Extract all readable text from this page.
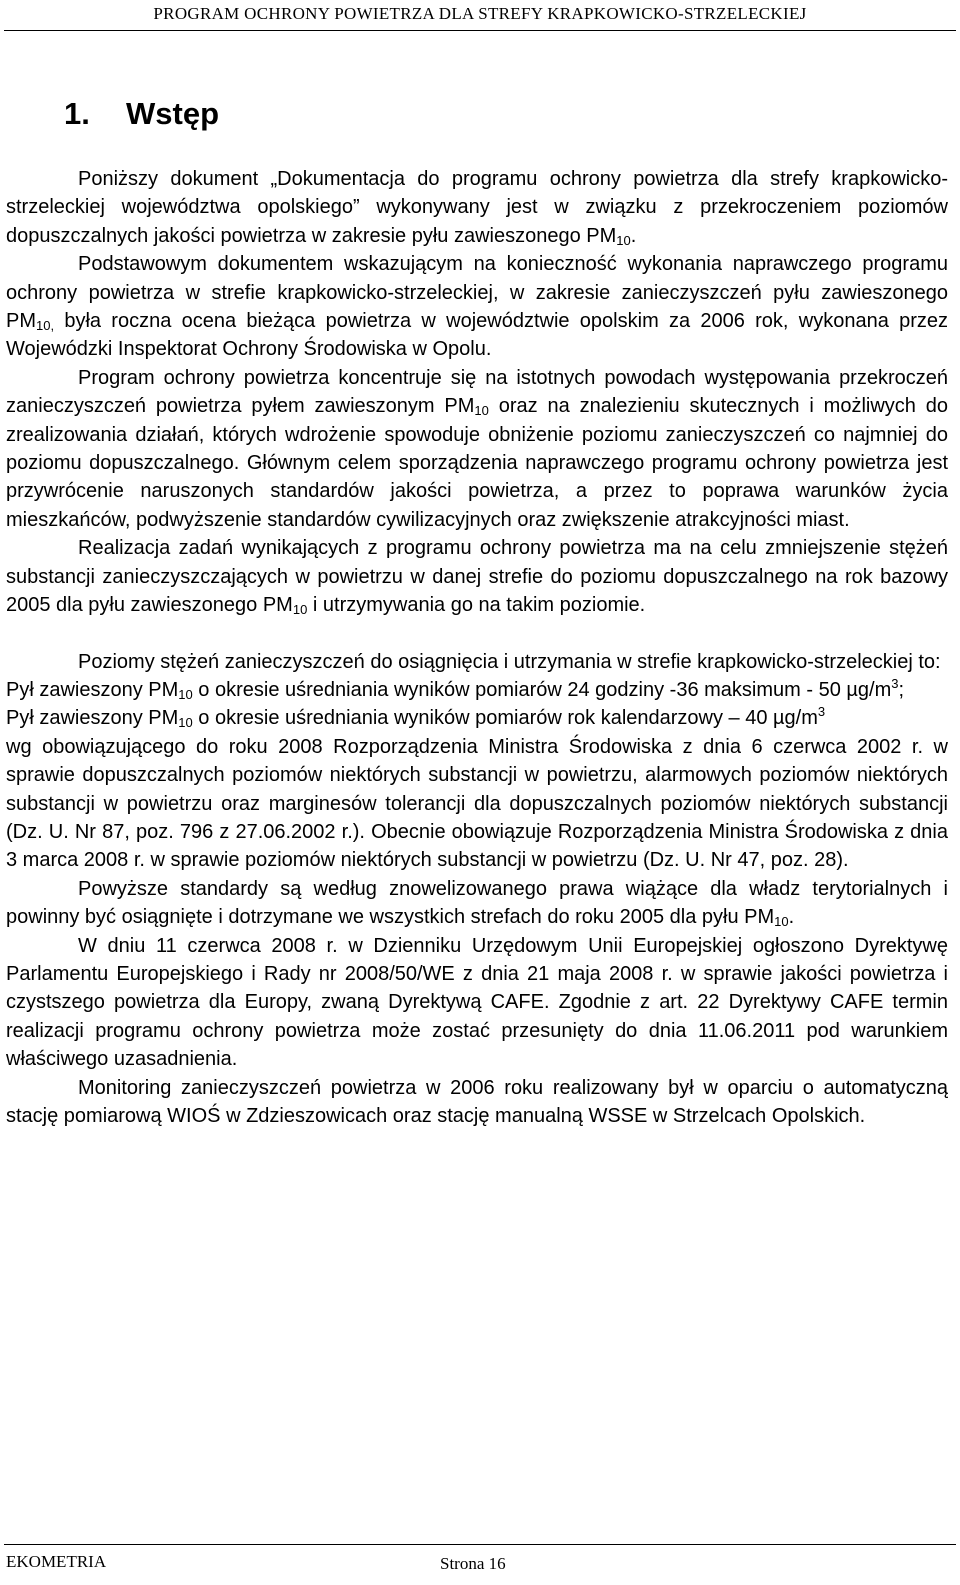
PROGRAM OCHRONY POWIETRZA DLA STREFY KRAPKOWICKO-STRZELECKIEJ
1. Wstęp

Poniższy dokument „Dokumentacja do programu ochrony powietrza dla strefy krapkowicko-strzeleckiej województwa opolskiego” wykonywany jest w związku z przekroczeniem poziomów dopuszczalnych jakości powietrza w zakresie pyłu zawieszonego $PM_{10}$.

Podstawowym dokumentem wskazującym na konieczność wykonania naprawczego programu ochrony powietrza w strefie krapkowicko-strzeleckiej, w zakresie zanieczyszczeń pyłu zawieszonego $PM_{10,}$ była roczna ocena bieżąca powietrza w województwie opolskim za 2006 rok, wykonana przez Wojewódzki Inspektorat Ochrony Środowiska w Opolu.

Program ochrony powietrza koncentruje się na istotnych powodach występowania przekroczeń zanieczyszczeń powietrza pyłem zawieszonym $PM_{10}$ oraz na znalezieniu skutecznych i możliwych do zrealizowania działań, których wdrożenie spowoduje obniżenie poziomu zanieczyszczeń co najmniej do poziomu dopuszczalnego. Głównym celem sporządzenia naprawczego programu ochrony powietrza jest przywrócenie naruszonych standardów jakości powietrza, a przez to poprawa warunków życia mieszkańców, podwyższenie standardów cywilizacyjnych oraz zwiększenie atrakcyjności miast.

Realizacja zadań wynikających z programu ochrony powietrza ma na celu zmniejszenie stężeń substancji zanieczyszczających w powietrzu w danej strefie do poziomu dopuszczalnego na rok bazowy 2005 dla pyłu zawieszonego $PM_{10}$ i utrzymywania go na takim poziomie.

Poziomy stężeń zanieczyszczeń do osiągnięcia i utrzymania w strefie krapkowicko-strzeleckiej to:

Pył zawieszony $PM_{10}$ o okresie uśredniania wyników pomiarów 24 godziny -36 maksimum - 50 $\mu g/m^3$;

Pył zawieszony $PM_{10}$ o okresie uśredniania wyników pomiarów rok kalendarzowy – 40 $\mu g/m^3$

wg obowiązującego do roku 2008 Rozporządzenia Ministra Środowiska z dnia 6 czerwca 2002 r. w sprawie dopuszczalnych poziomów niektórych substancji w powietrzu, alarmowych poziomów niektórych substancji w powietrzu oraz marginesów tolerancji dla dopuszczalnych poziomów niektórych substancji (Dz. U. Nr 87, poz. 796 z 27.06.2002 r.). Obecnie obowiązuje Rozporządzenia Ministra Środowiska z dnia 3 marca 2008 r. w sprawie poziomów niektórych substancji w powietrzu (Dz. U. Nr 47, poz. 28).

Powyższe standardy są według znowelizowanego prawa wiążące dla władz terytorialnych i powinny być osiągnięte i dotrzymane we wszystkich strefach do roku 2005 dla pyłu $PM_{10}$.

W dniu 11 czerwca 2008 r. w Dzienniku Urzędowym Unii Europejskiej ogłoszono Dyrektywę Parlamentu Europejskiego i Rady nr 2008/50/WE z dnia 21 maja 2008 r. w sprawie jakości powietrza i czystszego powietrza dla Europy, zwaną Dyrektywą CAFE. Zgodnie z art. 22 Dyrektywy CAFE termin realizacji programu ochrony powietrza może zostać przesunięty do dnia 11.06.2011 pod warunkiem właściwego uzasadnienia.

Monitoring zanieczyszczeń powietrza w 2006 roku realizowany był w oparciu o automatyczną stację pomiarową WIOŚ w Zdzieszowicach oraz stację manualną WSSE w Strzelcach Opolskich.

EKOMETRIA	Strona 16
